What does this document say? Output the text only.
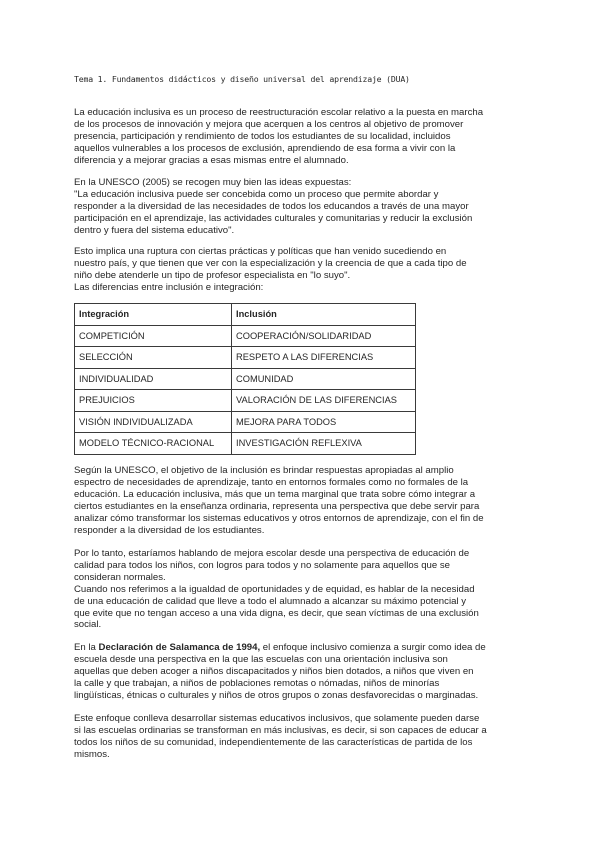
Tema 1. Fundamentos didácticos y diseño universal del aprendizaje (DUA)

La educación inclusiva es un proceso de reestructuración escolar relativo a la puesta en marcha
de los procesos de innovación y mejora que acerquen a los centros al objetivo de promover
presencia, participación y rendimiento de todos los estudiantes de su localidad, incluidos
aquellos vulnerables a los procesos de exclusión, aprendiendo de esa forma a vivir con la
diferencia y a mejorar gracias a esas mismas entre el alumnado.

En la UNESCO (2005) se recogen muy bien las ideas expuestas:
"La educación inclusiva puede ser concebida como un proceso que permite abordar y
responder a la diversidad de las necesidades de todos los educandos a través de una mayor
participación en el aprendizaje, las actividades culturales y comunitarias y reducir la exclusión
dentro y fuera del sistema educativo".

Esto implica una ruptura con ciertas prácticas y políticas que han venido sucediendo en
nuestro país, y que tienen que ver con la especialización y la creencia de que a cada tipo de
niño debe atenderle un tipo de profesor especialista en "lo suyo".
Las diferencias entre inclusión e integración:

Integración	Inclusión
COMPETICIÓN	COOPERACIÓN/SOLIDARIDAD
SELECCIÓN	RESPETO A LAS DIFERENCIAS
INDIVIDUALIDAD	COMUNIDAD
PREJUICIOS	VALORACIÓN DE LAS DIFERENCIAS
VISIÓN INDIVIDUALIZADA	MEJORA PARA TODOS
MODELO TÉCNICO-RACIONAL	INVESTIGACIÓN REFLEXIVA

Según la UNESCO, el objetivo de la inclusión es brindar respuestas apropiadas al amplio
espectro de necesidades de aprendizaje, tanto en entornos formales como no formales de la
educación. La educación inclusiva, más que un tema marginal que trata sobre cómo integrar a
ciertos estudiantes en la enseñanza ordinaria, representa una perspectiva que debe servir para
analizar cómo transformar los sistemas educativos y otros entornos de aprendizaje, con el fin de
responder a la diversidad de los estudiantes.

Por lo tanto, estaríamos hablando de mejora escolar desde una perspectiva de educación de
calidad para todos los niños, con logros para todos y no solamente para aquellos que se
consideran normales.
Cuando nos referimos a la igualdad de oportunidades y de equidad, es hablar de la necesidad
de una educación de calidad que lleve a todo el alumnado a alcanzar su máximo potencial y
que evite que no tengan acceso a una vida digna, es decir, que sean víctimas de una exclusión
social.

En la Declaración de Salamanca de 1994, el enfoque inclusivo comienza a surgir como idea de
escuela desde una perspectiva en la que las escuelas con una orientación inclusiva son
aquellas que deben acoger a niños discapacitados y niños bien dotados, a niños que viven en
la calle y que trabajan, a niños de poblaciones remotas o nómadas, niños de minorías
lingüísticas, étnicas o culturales y niños de otros grupos o zonas desfavorecidas o marginadas.

Este enfoque conlleva desarrollar sistemas educativos inclusivos, que solamente pueden darse
si las escuelas ordinarias se transforman en más inclusivas, es decir, si son capaces de educar a
todos los niños de su comunidad, independientemente de las características de partida de los
mismos.
